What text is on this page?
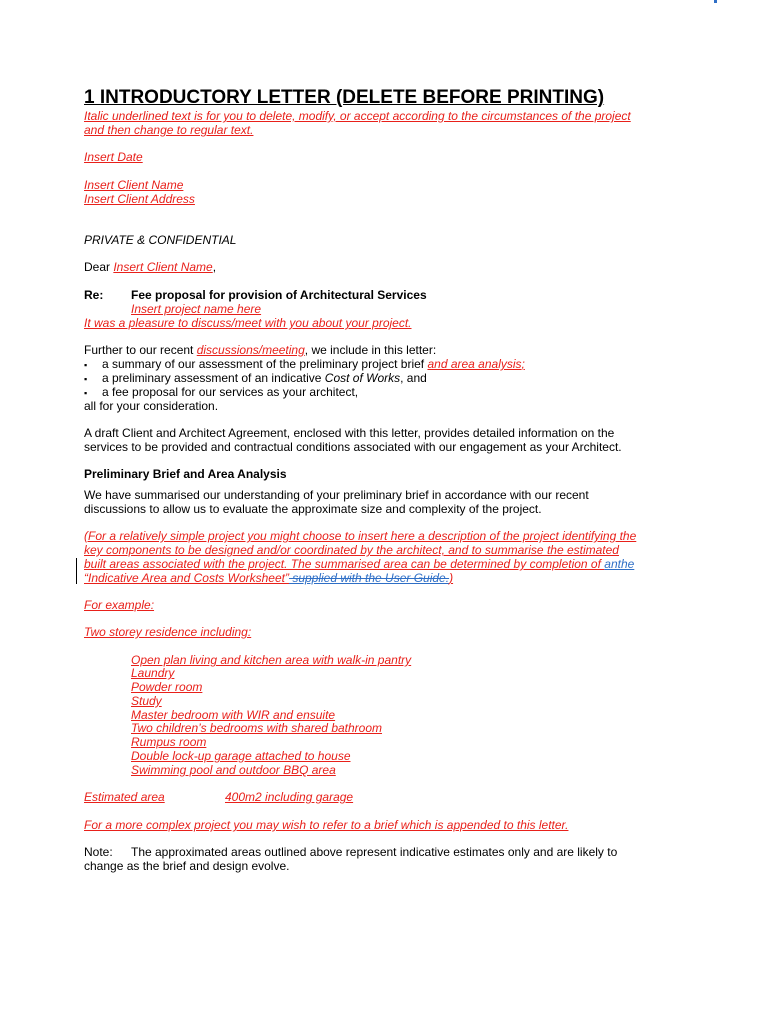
1 INTRODUCTORY LETTER (DELETE BEFORE PRINTING)
Italic underlined text is for you to delete, modify, or accept according to the circumstances of the project
and then change to regular text.
Insert Date
Insert Client Name
Insert Client Address
PRIVATE & CONFIDENTIAL
Dear Insert Client Name,
Re: Fee proposal for provision of Architectural Services
Insert project name here
It was a pleasure to discuss/meet with you about your project.
Further to our recent discussions/meeting, we include in this letter:
▪ a summary of our assessment of the preliminary project brief and area analysis;
▪ a preliminary assessment of an indicative Cost of Works, and
▪ a fee proposal for our services as your architect,
all for your consideration.
A draft Client and Architect Agreement, enclosed with this letter, provides detailed information on the
services to be provided and contractual conditions associated with our engagement as your Architect.
Preliminary Brief and Area Analysis
We have summarised our understanding of your preliminary brief in accordance with our recent
discussions to allow us to evaluate the approximate size and complexity of the project.
(For a relatively simple project you might choose to insert here a description of the project identifying the
key components to be designed and/or coordinated by the architect, and to summarise the estimated
built areas associated with the project. The summarised area can be determined by completion of anthe
“Indicative Area and Costs Worksheet” supplied with the User Guide.)
For example:
Two storey residence including:
Open plan living and kitchen area with walk-in pantry
Laundry
Powder room
Study
Master bedroom with WIR and ensuite
Two children’s bedrooms with shared bathroom
Rumpus room
Double lock-up garage attached to house
Swimming pool and outdoor BBQ area
Estimated area	400m2 including garage
For a more complex project you may wish to refer to a brief which is appended to this letter.
Note: The approximated areas outlined above represent indicative estimates only and are likely to
change as the brief and design evolve.
